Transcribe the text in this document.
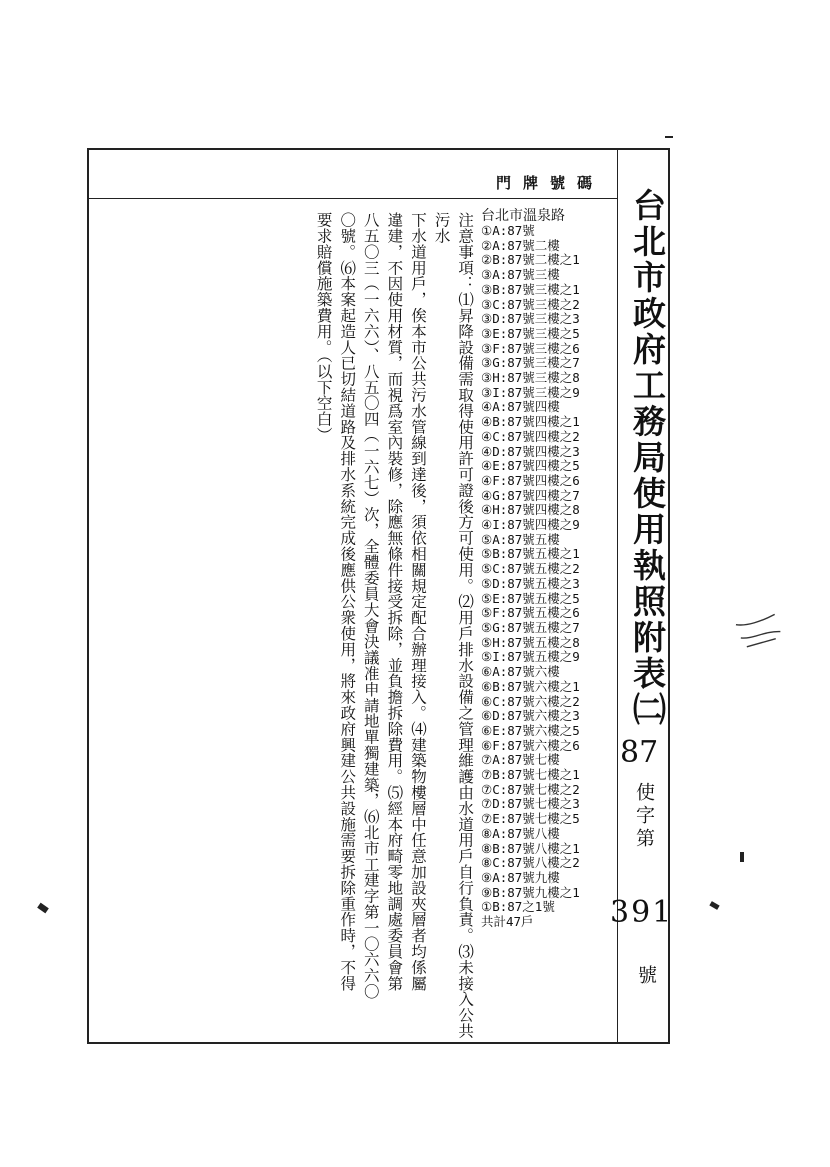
台北市政府工務局使用執照附表㈡
87
使字第
391
號
門牌號碼
台北市溫泉路
①A:87號
②A:87號二樓
②B:87號二樓之1
③A:87號三樓
③B:87號三樓之1
③C:87號三樓之2
③D:87號三樓之3
③E:87號三樓之5
③F:87號三樓之6
③G:87號三樓之7
③H:87號三樓之8
③I:87號三樓之9
④A:87號四樓
④B:87號四樓之1
④C:87號四樓之2
④D:87號四樓之3
④E:87號四樓之5
④F:87號四樓之6
④G:87號四樓之7
④H:87號四樓之8
④I:87號四樓之9
⑤A:87號五樓
⑤B:87號五樓之1
⑤C:87號五樓之2
⑤D:87號五樓之3
⑤E:87號五樓之5
⑤F:87號五樓之6
⑤G:87號五樓之7
⑤H:87號五樓之8
⑤I:87號五樓之9
⑥A:87號六樓
⑥B:87號六樓之1
⑥C:87號六樓之2
⑥D:87號六樓之3
⑥E:87號六樓之5
⑥F:87號六樓之6
⑦A:87號七樓
⑦B:87號七樓之1
⑦C:87號七樓之2
⑦D:87號七樓之3
⑦E:87號七樓之5
⑧A:87號八樓
⑧B:87號八樓之1
⑧C:87號八樓之2
⑨A:87號九樓
⑨B:87號九樓之1
①B:87之1號
共計47戶

注意事項：⑴昇降設備需取得使用許可證後方可使用。⑵用戶排水設備之管理維護由水道用戶自行負責。⑶未接入公共污水

下水道用戶，俟本市公共污水管線到達後，須依相關規定配合辦理接入。⑷建築物樓層中任意加設夾層者均係屬

違建，不因使用材質，而視爲室內裝修，除應無條件接受拆除，並負擔拆除費用。⑸經本府畸零地調處委員會第

八五〇三（一六六）、八五〇四（一六七）次，全體委員大會決議准申請地單獨建築，⑹北市工建字第一〇六六〇

〇號。⑹本案起造人已切結道路及排水系統完成後應供公衆使用，將來政府興建公共設施需要拆除重作時，不得

要求賠償施築費用。（以下空白）
